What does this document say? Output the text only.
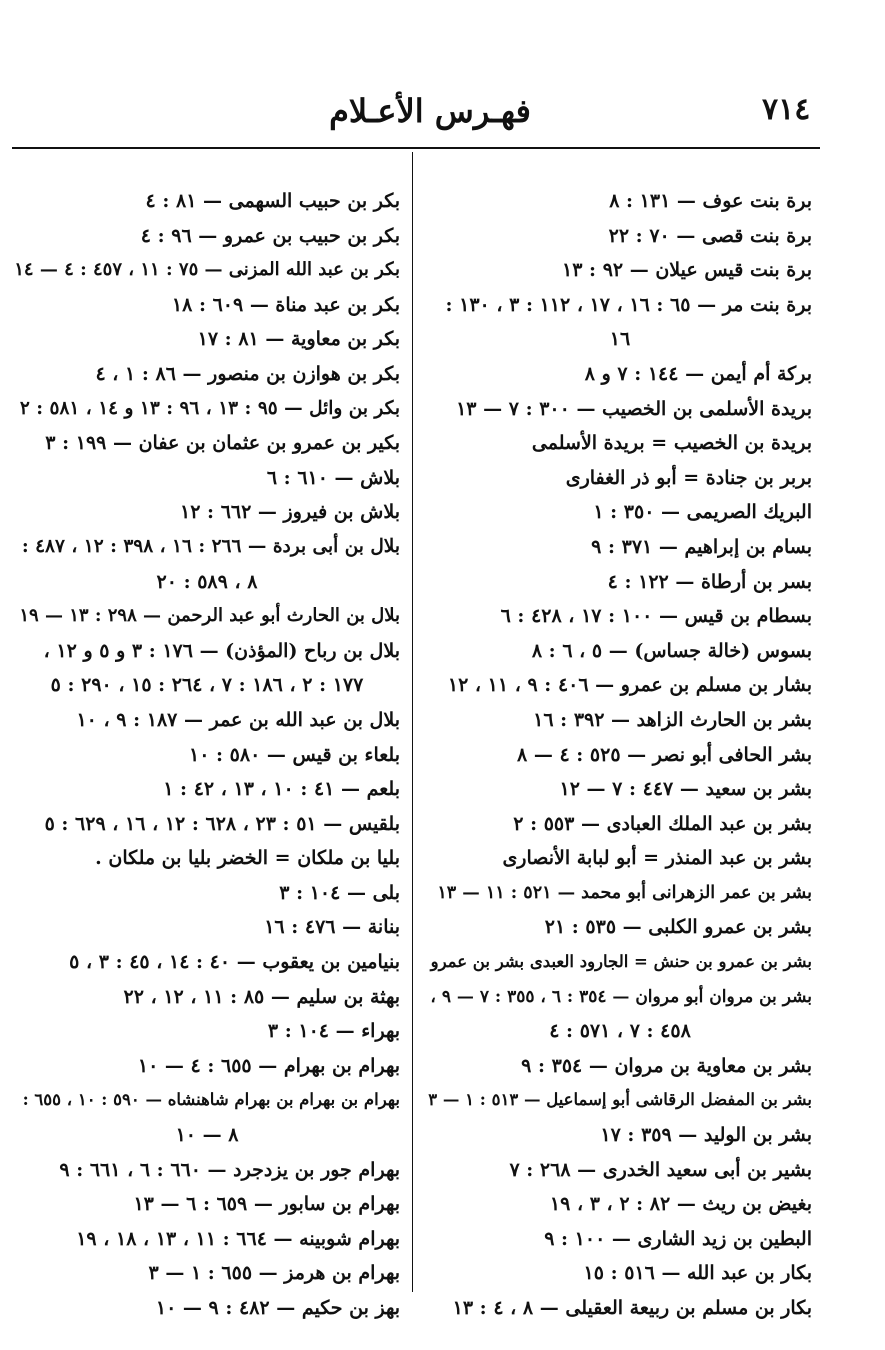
٧١٤
فهـرس الأعـلام
برة بنت عوف — ١٣١ : ٨
برة بنت قصى — ٧٠ : ٢٢
برة بنت قيس عيلان — ٩٢ : ١٣
برة بنت مر — ٦٥ : ١٦ ، ١٧ ، ١١٢ : ٣ ، ١٣٠ :
١٦
بركة أم أيمن — ١٤٤ : ٧ و ٨
بريدة الأسلمى بن الخصيب — ٣٠٠ : ٧ — ١٣
بريدة بن الخصيب = بريدة الأسلمى
بربر بن جنادة = أبو ذر الغفارى
البريك الصريمى — ٣٥٠ : ١
بسام بن إبراهيم — ٣٧١ : ٩
بسر بن أرطاة — ١٢٢ : ٤
بسطام بن قيس — ١٠٠ : ١٧ ، ٤٢٨ : ٦
بسوس (خالة جساس) — ٥ ، ٦ : ٨
بشار بن مسلم بن عمرو — ٤٠٦ : ٩ ، ١١ ، ١٢
بشر بن الحارث الزاهد — ٣٩٢ : ١٦
بشر الحافى أبو نصر — ٥٢٥ : ٤ — ٨
بشر بن سعيد — ٤٤٧ : ٧ — ١٢
بشر بن عبد الملك العبادى — ٥٥٣ : ٢
بشر بن عبد المنذر = أبو لبابة الأنصارى
بشر بن عمر الزهرانى أبو محمد — ٥٢١ : ١١ — ١٣
بشر بن عمرو الكلبى — ٥٣٥ : ٢١
بشر بن عمرو بن حنش = الجارود العبدى بشر بن عمرو
بشر بن مروان أبو مروان — ٣٥٤ : ٦ ، ٣٥٥ : ٧ — ٩ ،
٤٥٨ : ٧ ، ٥٧١ : ٤
بشر بن معاوية بن مروان — ٣٥٤ : ٩
بشر بن المفضل الرقاشى أبو إسماعيل — ٥١٣ : ١ — ٣
بشر بن الوليد — ٣٥٩ : ١٧
بشير بن أبى سعيد الخدرى — ٢٦٨ : ٧
بغيض بن ريث — ٨٢ : ٢ ، ٣ ، ١٩
البطين بن زيد الشارى — ١٠٠ : ٩
بكار بن عبد الله — ٥١٦ : ١٥
بكار بن مسلم بن ربيعة العقيلى — ٨ ، ٤ : ١٣
بكر بن حبيب السهمى — ٨١ : ٤
بكر بن حبيب بن عمرو — ٩٦ : ٤
بكر بن عبد الله المزنى — ٧٥ : ١١ ، ٤٥٧ : ٤ — ١٤
بكر بن عبد مناة — ٦٠٩ : ١٨
بكر بن معاوية — ٨١ : ١٧
بكر بن هوازن بن منصور — ٨٦ : ١ ، ٤
بكر بن وائل — ٩٥ : ١٣ ، ٩٦ : ١٣ و ١٤ ، ٥٨١ : ٢
بكير بن عمرو بن عثمان بن عفان — ١٩٩ : ٣
بلاش — ٦١٠ : ٦
بلاش بن فيروز — ٦٦٢ : ١٢
بلال بن أبى بردة — ٢٦٦ : ١٦ ، ٣٩٨ : ١٢ ، ٤٨٧ :
٨ ، ٥٨٩ : ٢٠
بلال بن الحارث أبو عبد الرحمن — ٢٩٨ : ١٣ — ١٩
بلال بن رباح (المؤذن) — ١٧٦ : ٣ و ٥ و ١٢ ،
١٧٧ : ٢ ، ١٨٦ : ٧ ، ٢٦٤ : ١٥ ، ٢٩٠ : ٥
بلال بن عبد الله بن عمر — ١٨٧ : ٩ ، ١٠
بلعاء بن قيس — ٥٨٠ : ١٠
بلعم — ٤١ : ١٠ ، ١٣ ، ٤٢ : ١
بلقيس — ٥١ : ٢٣ ، ٦٢٨ : ١٢ ، ١٦ ، ٦٢٩ : ٥
بليا بن ملكان = الخضر بليا بن ملكان .
بلى — ١٠٤ : ٣
بنانة — ٤٧٦ : ١٦
بنيامين بن يعقوب — ٤٠ : ١٤ ، ٤٥ : ٣ ، ٥
بهثة بن سليم — ٨٥ : ١١ ، ١٢ ، ٢٢
بهراء — ١٠٤ : ٣
بهرام بن بهرام — ٦٥٥ : ٤ — ١٠
بهرام بن بهرام بن بهرام شاهنشاه — ٥٩٠ : ١٠ ، ٦٥٥ :
٨ — ١٠
بهرام جور بن يزدجرد — ٦٦٠ : ٦ ، ٦٦١ : ٩
بهرام بن سابور — ٦٥٩ : ٦ — ١٣
بهرام شوبينه — ٦٦٤ : ١١ ، ١٣ ، ١٨ ، ١٩
بهرام بن هرمز — ٦٥٥ : ١ — ٣
بهز بن حكيم — ٤٨٢ : ٩ — ١٠
